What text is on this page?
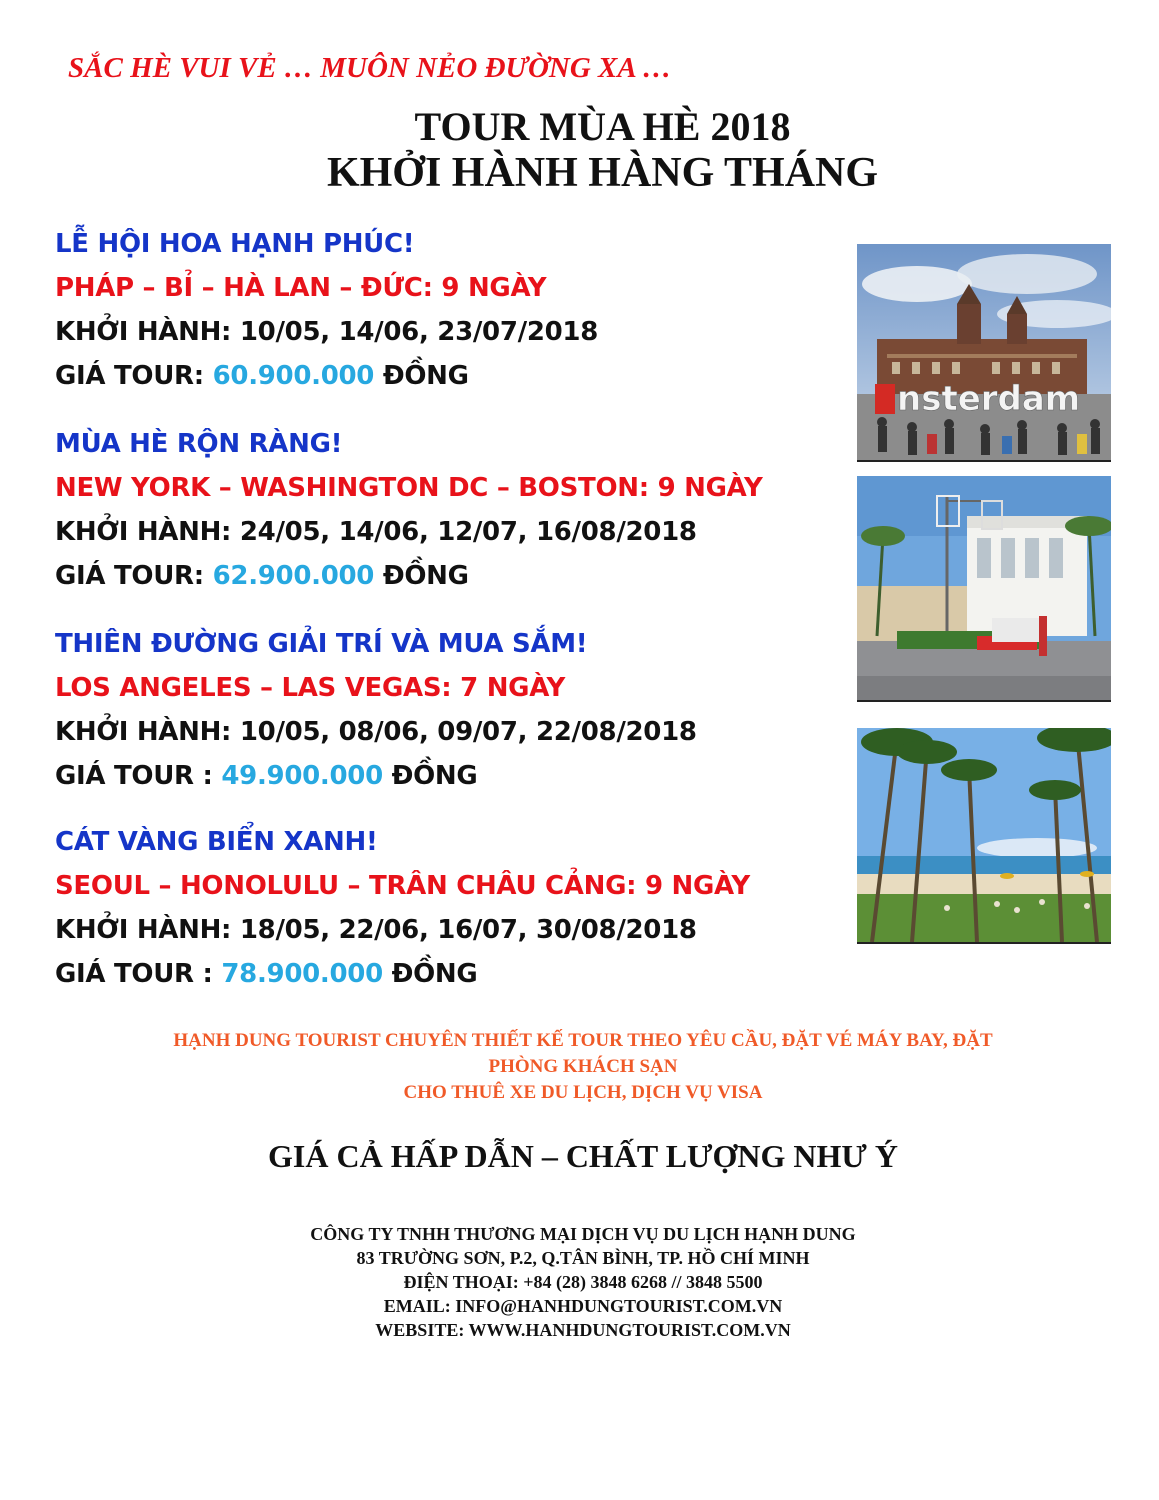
SẮC HÈ VUI VẺ … MUÔN NẺO ĐƯỜNG XA …
TOUR MÙA HÈ 2018
KHỞI HÀNH HÀNG THÁNG
LỄ HỘI HOA HẠNH PHÚC!
PHÁP – BỈ – HÀ LAN – ĐỨC: 9 NGÀY
KHỞI HÀNH: 10/05, 14/06, 23/07/2018
GIÁ TOUR: 60.900.000 ĐỒNG
MÙA HÈ RỘN RÀNG!
NEW YORK – WASHINGTON DC – BOSTON: 9 NGÀY
KHỞI HÀNH: 24/05, 14/06, 12/07, 16/08/2018
GIÁ TOUR: 62.900.000 ĐỒNG
THIÊN ĐƯỜNG GIẢI TRÍ VÀ MUA SẮM!
LOS ANGELES – LAS VEGAS: 7 NGÀY
KHỞI HÀNH: 10/05, 08/06, 09/07, 22/08/2018
GIÁ TOUR : 49.900.000 ĐỒNG
CÁT VÀNG BIỂN XANH!
SEOUL – HONOLULU – TRÂN CHÂU CẢNG: 9 NGÀY
KHỞI HÀNH: 18/05, 22/06, 16/07, 30/08/2018
GIÁ TOUR : 78.900.000 ĐỒNG
nsterdam
HẠNH DUNG TOURIST CHUYÊN THIẾT KẾ TOUR THEO YÊU CẦU, ĐẶT VÉ MÁY BAY, ĐẶT
PHÒNG KHÁCH SẠN
CHO THUÊ XE DU LỊCH, DỊCH VỤ VISA
GIÁ CẢ HẤP DẪN – CHẤT LƯỢNG NHƯ Ý
CÔNG TY TNHH THƯƠNG MẠI DỊCH VỤ DU LỊCH HẠNH DUNG
83 TRƯỜNG SƠN, P.2, Q.TÂN BÌNH, TP. HỒ CHÍ MINH
ĐIỆN THOẠI: +84 (28) 3848 6268 // 3848 5500
EMAIL: INFO@HANHDUNGTOURIST.COM.VN
WEBSITE: WWW.HANHDUNGTOURIST.COM.VN
